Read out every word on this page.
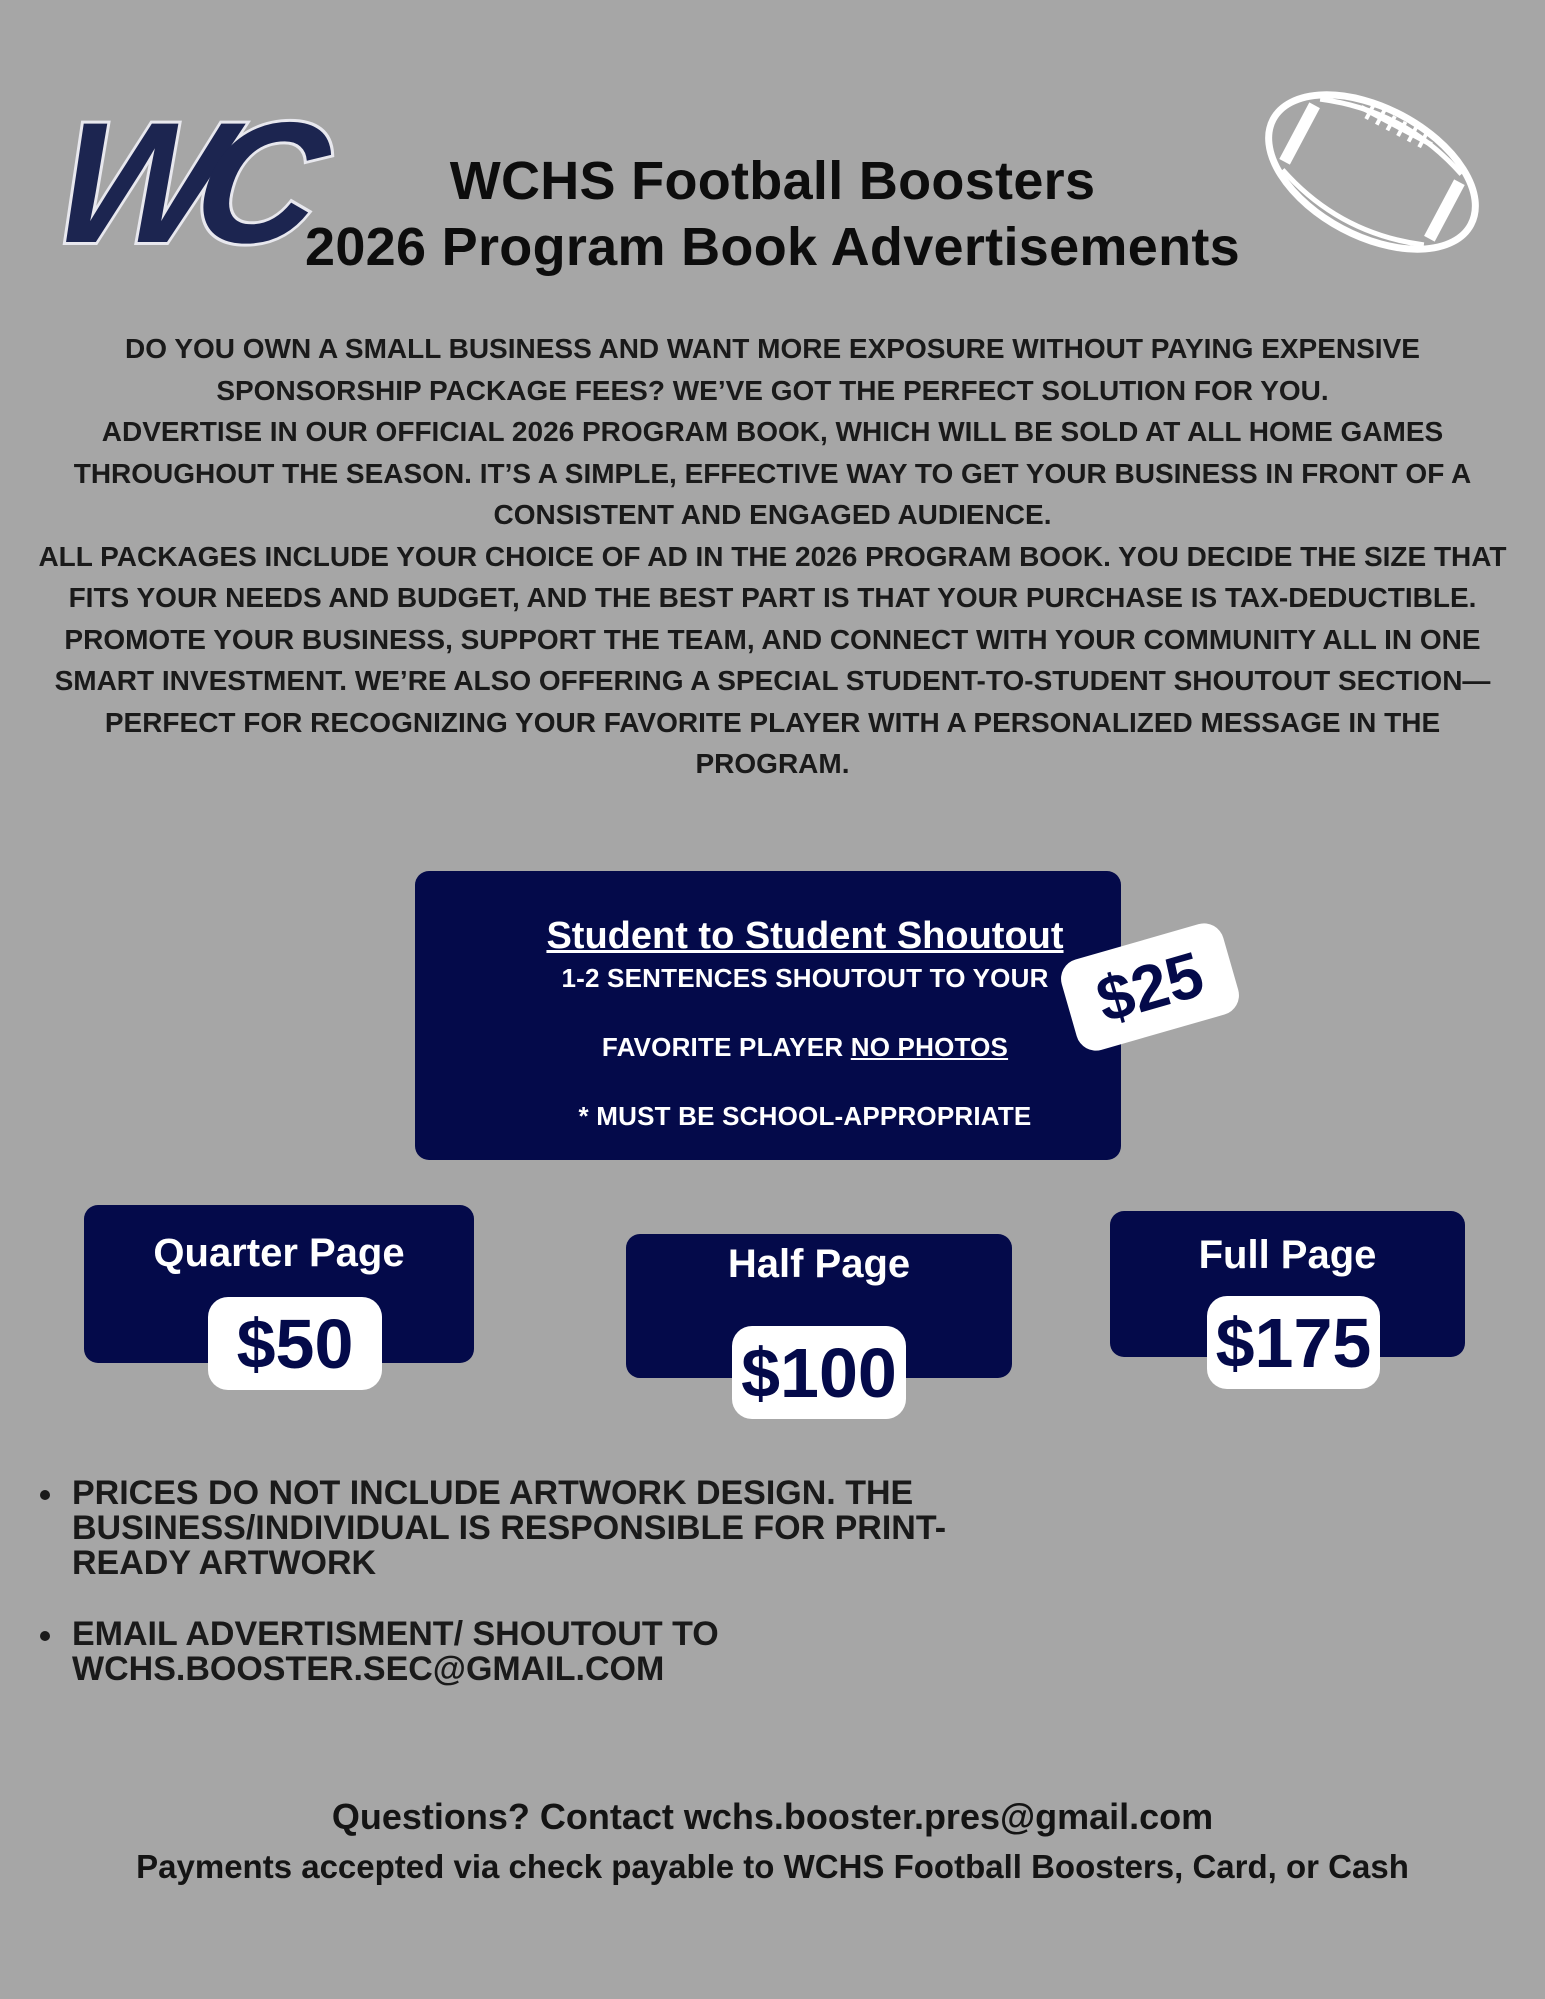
WC	WCHS Football Boosters
2026 Program Book Advertisements

DO YOU OWN A SMALL BUSINESS AND WANT MORE EXPOSURE WITHOUT PAYING EXPENSIVE SPONSORSHIP PACKAGE FEES? WE’VE GOT THE PERFECT SOLUTION FOR YOU.

ADVERTISE IN OUR OFFICIAL 2026 PROGRAM BOOK, WHICH WILL BE SOLD AT ALL HOME GAMES THROUGHOUT THE SEASON. IT’S A SIMPLE, EFFECTIVE WAY TO GET YOUR BUSINESS IN FRONT OF A CONSISTENT AND ENGAGED AUDIENCE.

ALL PACKAGES INCLUDE YOUR CHOICE OF AD IN THE 2026 PROGRAM BOOK. YOU DECIDE THE SIZE THAT FITS YOUR NEEDS AND BUDGET, AND THE BEST PART IS THAT YOUR PURCHASE IS TAX-DEDUCTIBLE.

PROMOTE YOUR BUSINESS, SUPPORT THE TEAM, AND CONNECT WITH YOUR COMMUNITY ALL IN ONE SMART INVESTMENT. WE’RE ALSO OFFERING A SPECIAL STUDENT-TO-STUDENT SHOUTOUT SECTION—PERFECT FOR RECOGNIZING YOUR FAVORITE PLAYER WITH A PERSONALIZED MESSAGE IN THE PROGRAM.

Student to Student Shoutout
1-2 SENTENCES SHOUTOUT TO YOUR
FAVORITE PLAYER NO PHOTOS
* MUST BE SCHOOL-APPROPRIATE
$25
Quarter Page
$50
Half Page
$100
Full Page
$175
PRICES DO NOT INCLUDE ARTWORK DESIGN. THE BUSINESS/INDIVIDUAL IS RESPONSIBLE FOR PRINT-READY ARTWORK
EMAIL ADVERTISMENT/ SHOUTOUT TO WCHS.BOOSTER.SEC@GMAIL.COM
Questions? Contact wchs.booster.pres@gmail.com
Payments accepted via check payable to WCHS Football Boosters, Card, or Cash
